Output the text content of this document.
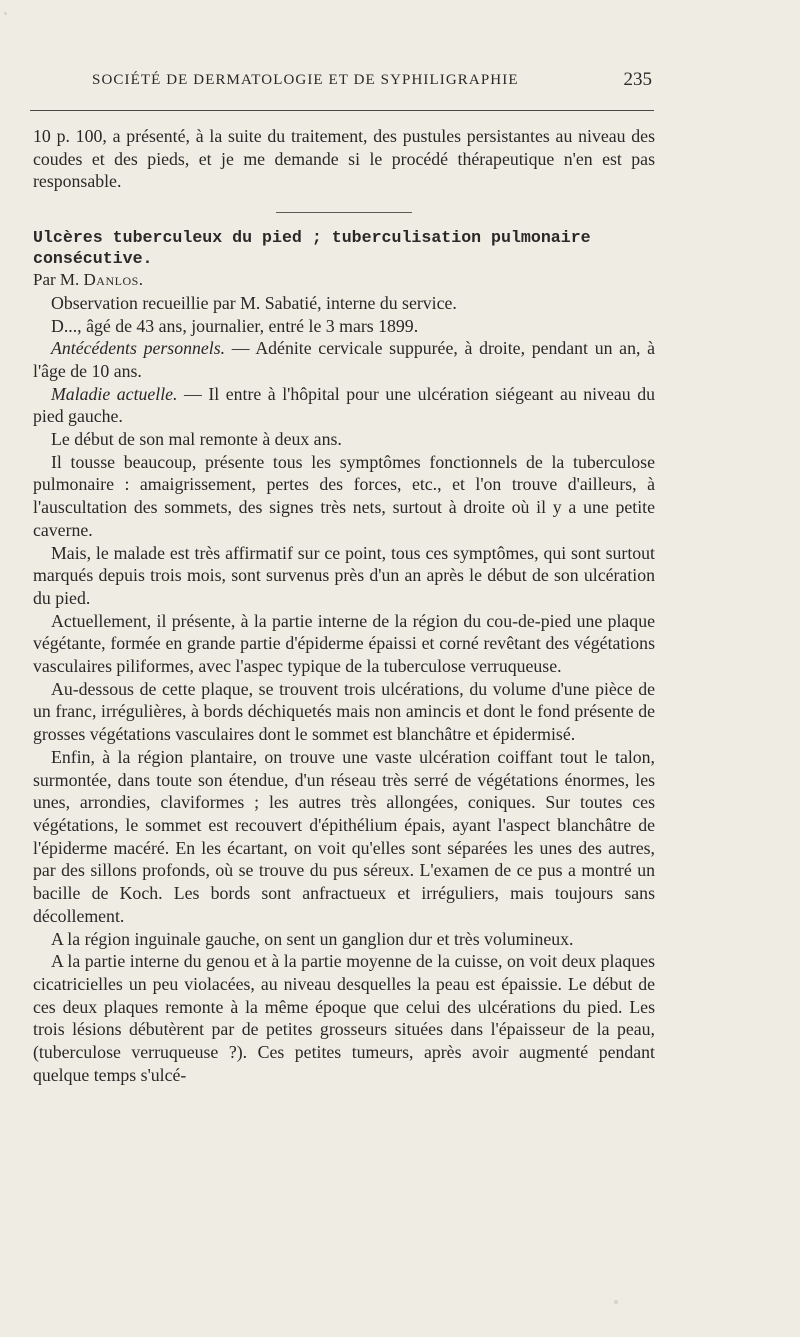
SOCIÉTÉ DE DERMATOLOGIE ET DE SYPHILIGRAPHIE	235

10 p. 100, a présenté, à la suite du traitement, des pustules persistantes au niveau des coudes et des pieds, et je me demande si le procédé thérapeutique n'en est pas responsable.

Ulcères tuberculeux du pied ; tuberculisation pulmonaire

consécutive.

Par M. Danlos.

Observation recueillie par M. Sabatié, interne du service.

D..., âgé de 43 ans, journalier, entré le 3 mars 1899.

Antécédents personnels. — Adénite cervicale suppurée, à droite, pendant un an, à l'âge de 10 ans.

Maladie actuelle. — Il entre à l'hôpital pour une ulcération siégeant au niveau du pied gauche.

Le début de son mal remonte à deux ans.

Il tousse beaucoup, présente tous les symptômes fonctionnels de la tuberculose pulmonaire : amaigrissement, pertes des forces, etc., et l'on trouve d'ailleurs, à l'auscultation des sommets, des signes très nets, surtout à droite où il y a une petite caverne.

Mais, le malade est très affirmatif sur ce point, tous ces symptômes, qui sont surtout marqués depuis trois mois, sont survenus près d'un an après le début de son ulcération du pied.

Actuellement, il présente, à la partie interne de la région du cou-de-pied une plaque végétante, formée en grande partie d'épiderme épaissi et corné revêtant des végétations vasculaires piliformes, avec l'aspec typique de la tuberculose verruqueuse.

Au-dessous de cette plaque, se trouvent trois ulcérations, du volume d'une pièce de un franc, irrégulières, à bords déchiquetés mais non amincis et dont le fond présente de grosses végétations vasculaires dont le sommet est blanchâtre et épidermisé.

Enfin, à la région plantaire, on trouve une vaste ulcération coiffant tout le talon, surmontée, dans toute son étendue, d'un réseau très serré de végétations énormes, les unes, arrondies, claviformes ; les autres très allongées, coniques. Sur toutes ces végétations, le sommet est recouvert d'épithélium épais, ayant l'aspect blanchâtre de l'épiderme macéré. En les écartant, on voit qu'elles sont séparées les unes des autres, par des sillons profonds, où se trouve du pus séreux. L'examen de ce pus a montré un bacille de Koch. Les bords sont anfractueux et irréguliers, mais toujours sans décollement.

A la région inguinale gauche, on sent un ganglion dur et très volumineux.

A la partie interne du genou et à la partie moyenne de la cuisse, on voit deux plaques cicatricielles un peu violacées, au niveau desquelles la peau est épaissie. Le début de ces deux plaques remonte à la même époque que celui des ulcérations du pied. Les trois lésions débutèrent par de petites grosseurs situées dans l'épaisseur de la peau, (tuberculose verruqueuse ?). Ces petites tumeurs, après avoir augmenté pendant quelque temps s'ulcé-
